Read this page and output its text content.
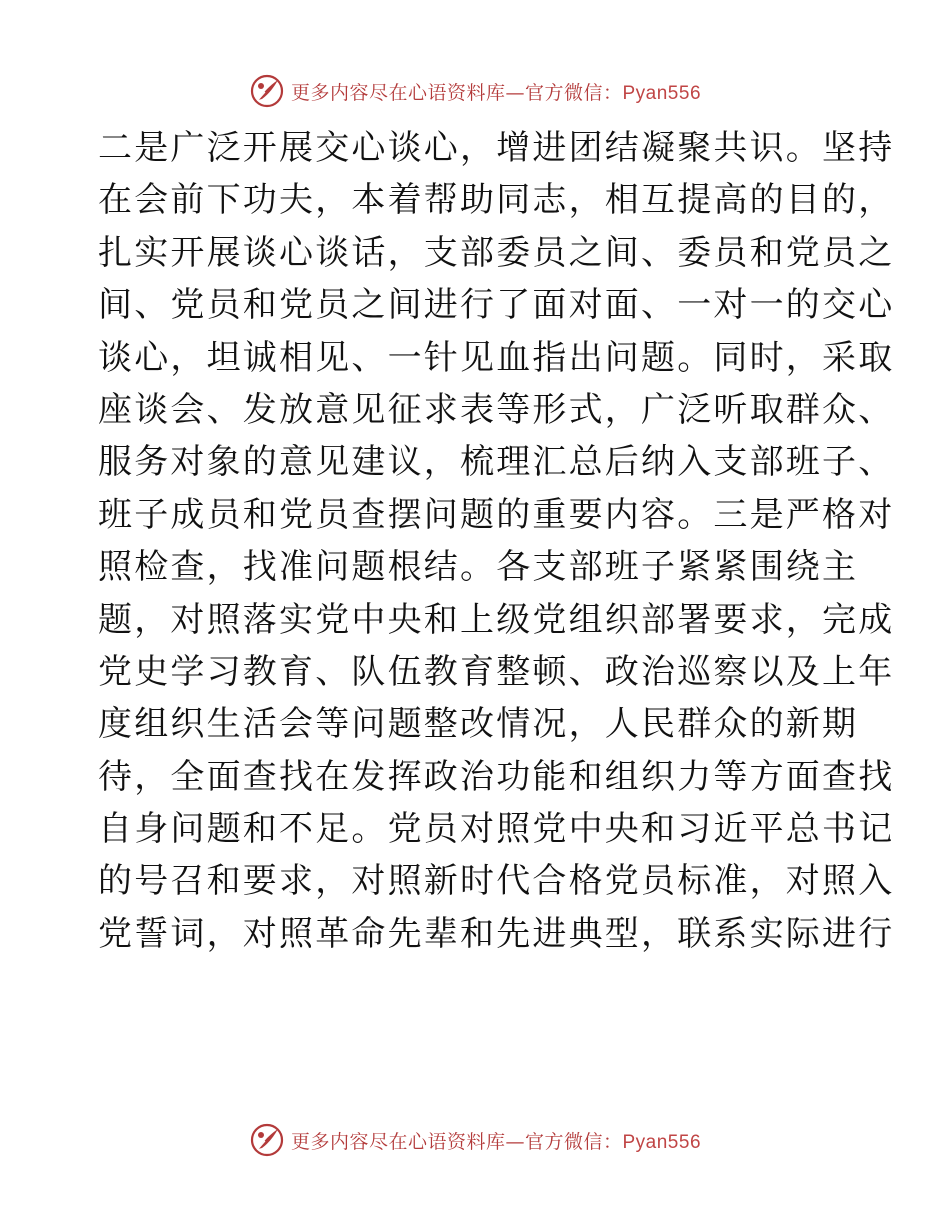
更多内容尽在心语资料库—官方微信：Pyan556
二是广泛开展交心谈心，增进团结凝聚共识。坚持
在会前下功夫，本着帮助同志，相互提高的目的，
扎实开展谈心谈话，支部委员之间、委员和党员之
间、党员和党员之间进行了面对面、一对一的交心
谈心，坦诚相见、一针见血指出问题。同时，采取
座谈会、发放意见征求表等形式，广泛听取群众、
服务对象的意见建议，梳理汇总后纳入支部班子、
班子成员和党员查摆问题的重要内容。三是严格对
照检查，找准问题根结。各支部班子紧紧围绕主
题，对照落实党中央和上级党组织部署要求，完成
党史学习教育、队伍教育整顿、政治巡察以及上年
度组织生活会等问题整改情况，人民群众的新期
待，全面查找在发挥政治功能和组织力等方面查找
自身问题和不足。党员对照党中央和习近平总书记
的号召和要求，对照新时代合格党员标准，对照入
党誓词，对照革命先辈和先进典型，联系实际进行
更多内容尽在心语资料库—官方微信：Pyan556
